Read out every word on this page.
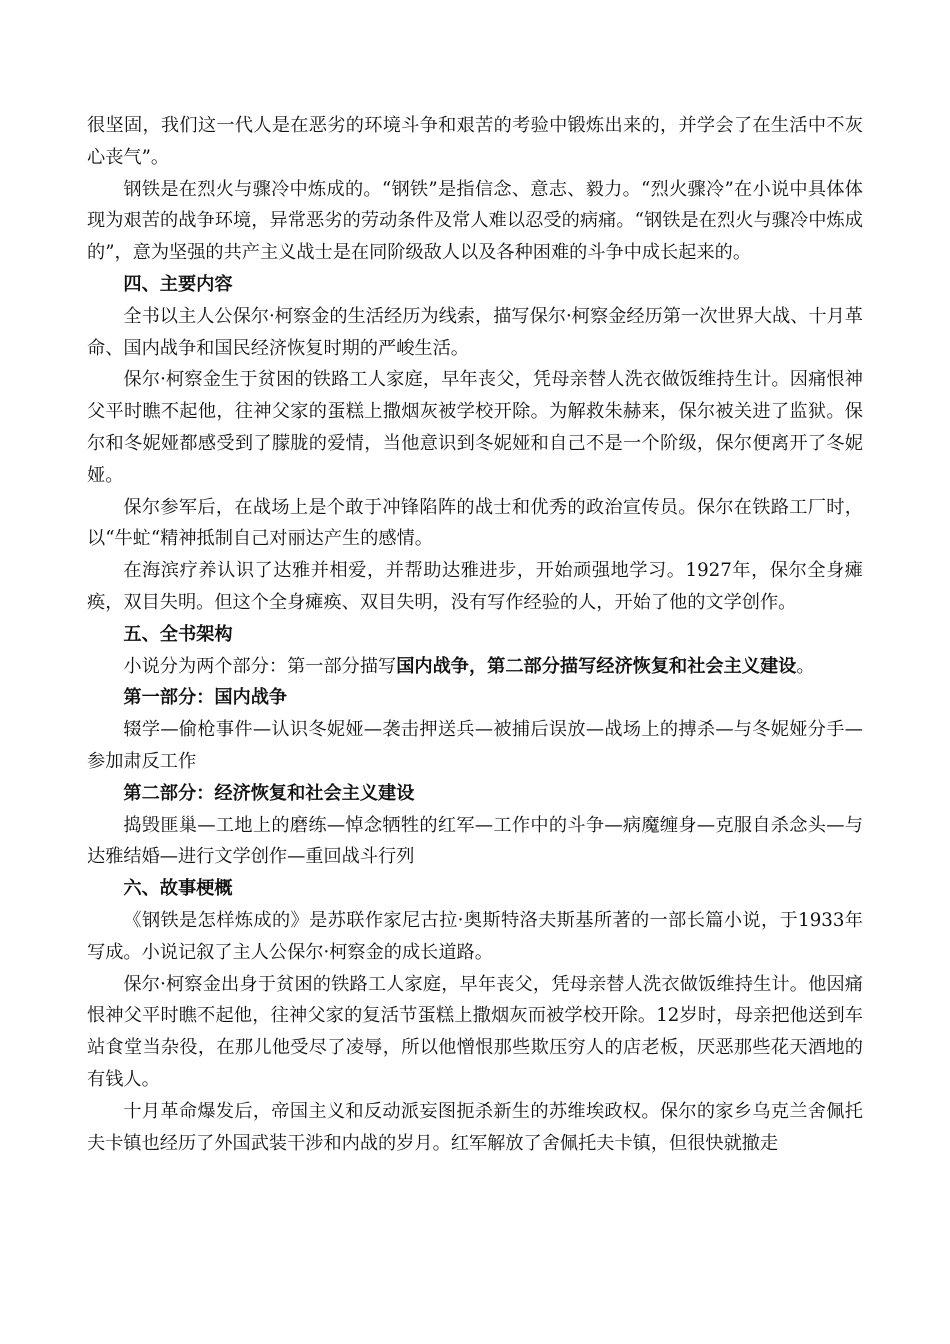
很坚固，我们这一代人是在恶劣的环境斗争和艰苦的考验中锻炼出来的，并学会了在生活中不灰心丧气”。

钢铁是在烈火与骤冷中炼成的。“钢铁”是指信念、意志、毅力。“烈火骤冷”在小说中具体体现为艰苦的战争环境，异常恶劣的劳动条件及常人难以忍受的病痛。“钢铁是在烈火与骤冷中炼成的”，意为坚强的共产主义战士是在同阶级敌人以及各种困难的斗争中成长起来的。

四、主要内容

全书以主人公保尔·柯察金的生活经历为线索，描写保尔·柯察金经历第一次世界大战、十月革命、国内战争和国民经济恢复时期的严峻生活。

保尔·柯察金生于贫困的铁路工人家庭，早年丧父，凭母亲替人洗衣做饭维持生计。因痛恨神父平时瞧不起他，往神父家的蛋糕上撒烟灰被学校开除。为解救朱赫来，保尔被关进了监狱。保尔和冬妮娅都感受到了朦胧的爱情，当他意识到冬妮娅和自己不是一个阶级，保尔便离开了冬妮娅。

保尔参军后，在战场上是个敢于冲锋陷阵的战士和优秀的政治宣传员。保尔在铁路工厂时，以“牛虻“精神抵制自己对丽达产生的感情。

在海滨疗养认识了达雅并相爱，并帮助达雅进步，开始顽强地学习。1927年，保尔全身瘫痪，双目失明。但这个全身瘫痪、双目失明，没有写作经验的人，开始了他的文学创作。

五、全书架构

小说分为两个部分：第一部分描写国内战争，第二部分描写经济恢复和社会主义建设。

第一部分：国内战争

辍学—偷枪事件—认识冬妮娅—袭击押送兵—被捕后误放—战场上的搏杀—与冬妮娅分手—参加肃反工作

第二部分：经济恢复和社会主义建设

捣毁匪巢—工地上的磨练—悼念牺牲的红军—工作中的斗争—病魔缠身—克服自杀念头—与达雅结婚—进行文学创作—重回战斗行列

六、故事梗概

《钢铁是怎样炼成的》是苏联作家尼古拉·奥斯特洛夫斯基所著的一部长篇小说，于1933年写成。小说记叙了主人公保尔·柯察金的成长道路。

保尔·柯察金出身于贫困的铁路工人家庭，早年丧父，凭母亲替人洗衣做饭维持生计。他因痛恨神父平时瞧不起他，往神父家的复活节蛋糕上撒烟灰而被学校开除。12岁时，母亲把他送到车站食堂当杂役，在那儿他受尽了凌辱，所以他憎恨那些欺压穷人的店老板，厌恶那些花天酒地的有钱人。

十月革命爆发后，帝国主义和反动派妄图扼杀新生的苏维埃政权。保尔的家乡乌克兰舍佩托夫卡镇也经历了外国武装干涉和内战的岁月。红军解放了舍佩托夫卡镇，但很快就撤走
